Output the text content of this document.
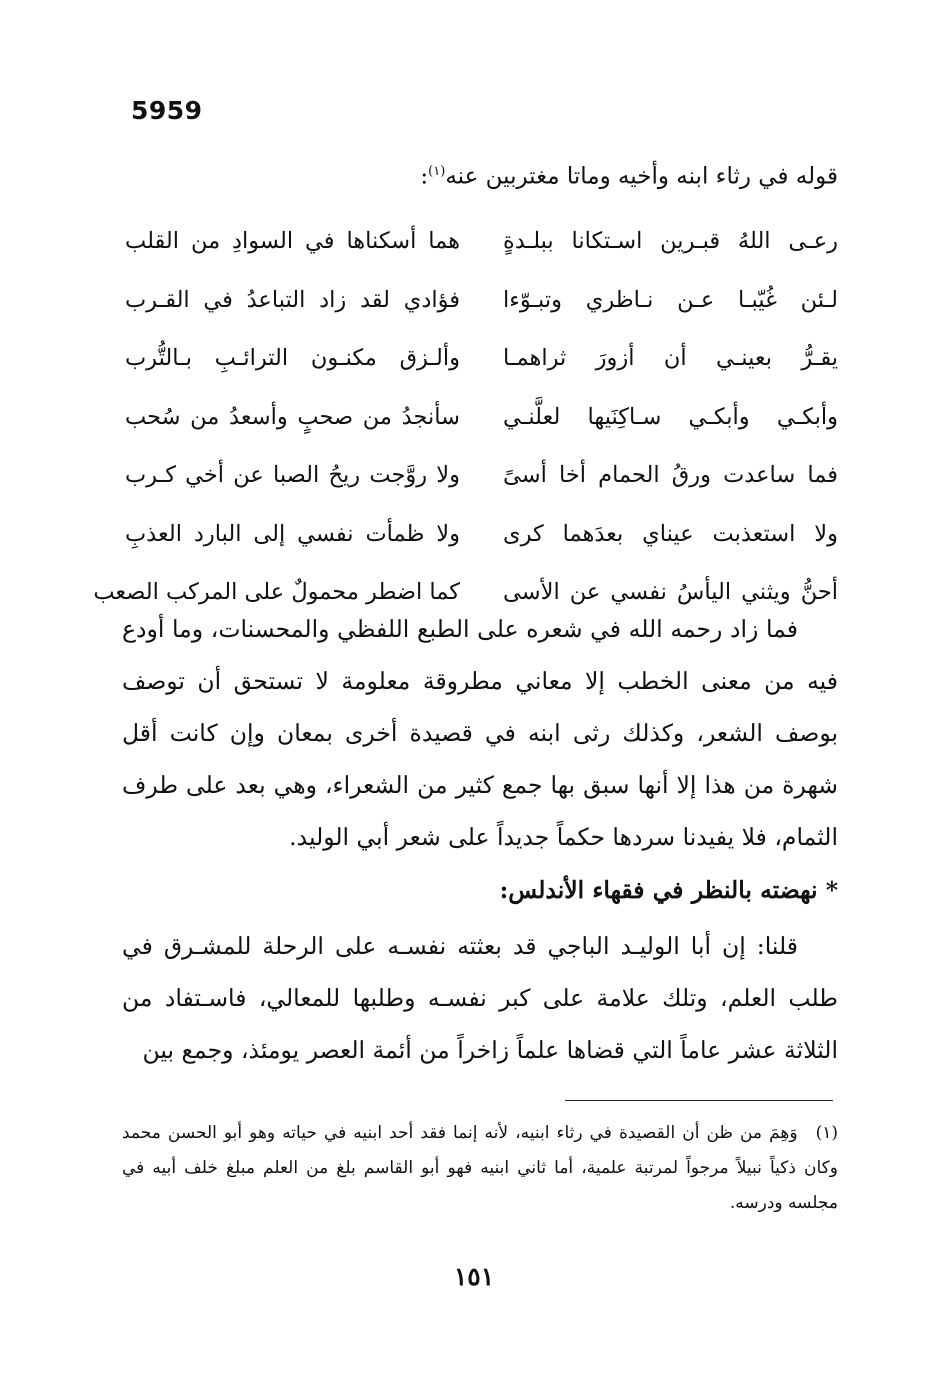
5959
قوله في رثاء ابنه وأخيه وماتا مغتربين عنه$^{(١)}$:
رعـى اللهُ قبـرين اسـتكانا ببلـدةٍ
هما أسكناها في السوادِ من القلب
لـئن غُيّبـا عـن نـاظري وتبـوّءا
فؤادي لقد زاد التباعدُ في القـرب
يقـرُّ بعينـي أن أزورَ ثراهمـا
وألـزق مكنـون الترائـبِ بـالتُّرب
وأبكـي وأبكـي سـاكِنَيها لعلَّنـي
سأنجدُ من صحبٍ وأسعدُ من سُحب
فما ساعدت ورقُ الحمام أخا أسىً
ولا روَّجت ريحُ الصبا عن أخي كـرب
ولا استعذبت عيناي بعدَهما كرى
ولا ظمأت نفسي إلى البارد العذبِ
أحنُّ ويثني اليأسُ نفسي عن الأسى
كما اضطر محمولٌ على المركب الصعب

فما زاد رحمه الله في شعره على الطبع اللفظي والمحسنات، وما أودع فيه من معنى الخطب إلا معاني مطروقة معلومة لا تستحق أن توصف بوصف الشعر، وكذلك رثى ابنه في قصيدة أخرى بمعان وإن كانت أقل شهرة من هذا إلا أنها سبق بها جمع كثير من الشعراء، وهي بعد على طرف الثمام، فلا يفيدنا سردها حكماً جديداً على شعر أبي الوليد.

* نهضته بالنظر في فقهاء الأندلس:

قلنا: إن أبا الوليـد الباجي قد بعثته نفسـه على الرحلة للمشـرق في طلب العلم، وتلك علامة على كبر نفسـه وطلبها للمعالي، فاسـتفاد من الثلاثة عشر عاماً التي قضاها علماً زاخراً من أئمة العصر يومئذ، وجمع بين

(١)وَهِمَ من ظن أن القصيدة في رثاء ابنيه، لأنه إنما فقد أحد ابنيه في حياته وهو أبو الحسن محمد وكان ذكياً نبيلاً مرجواً لمرتبة علمية، أما ثاني ابنيه فهو أبو القاسم بلغ من العلم مبلغ خلف أبيه في مجلسه ودرسه.
١٥١
